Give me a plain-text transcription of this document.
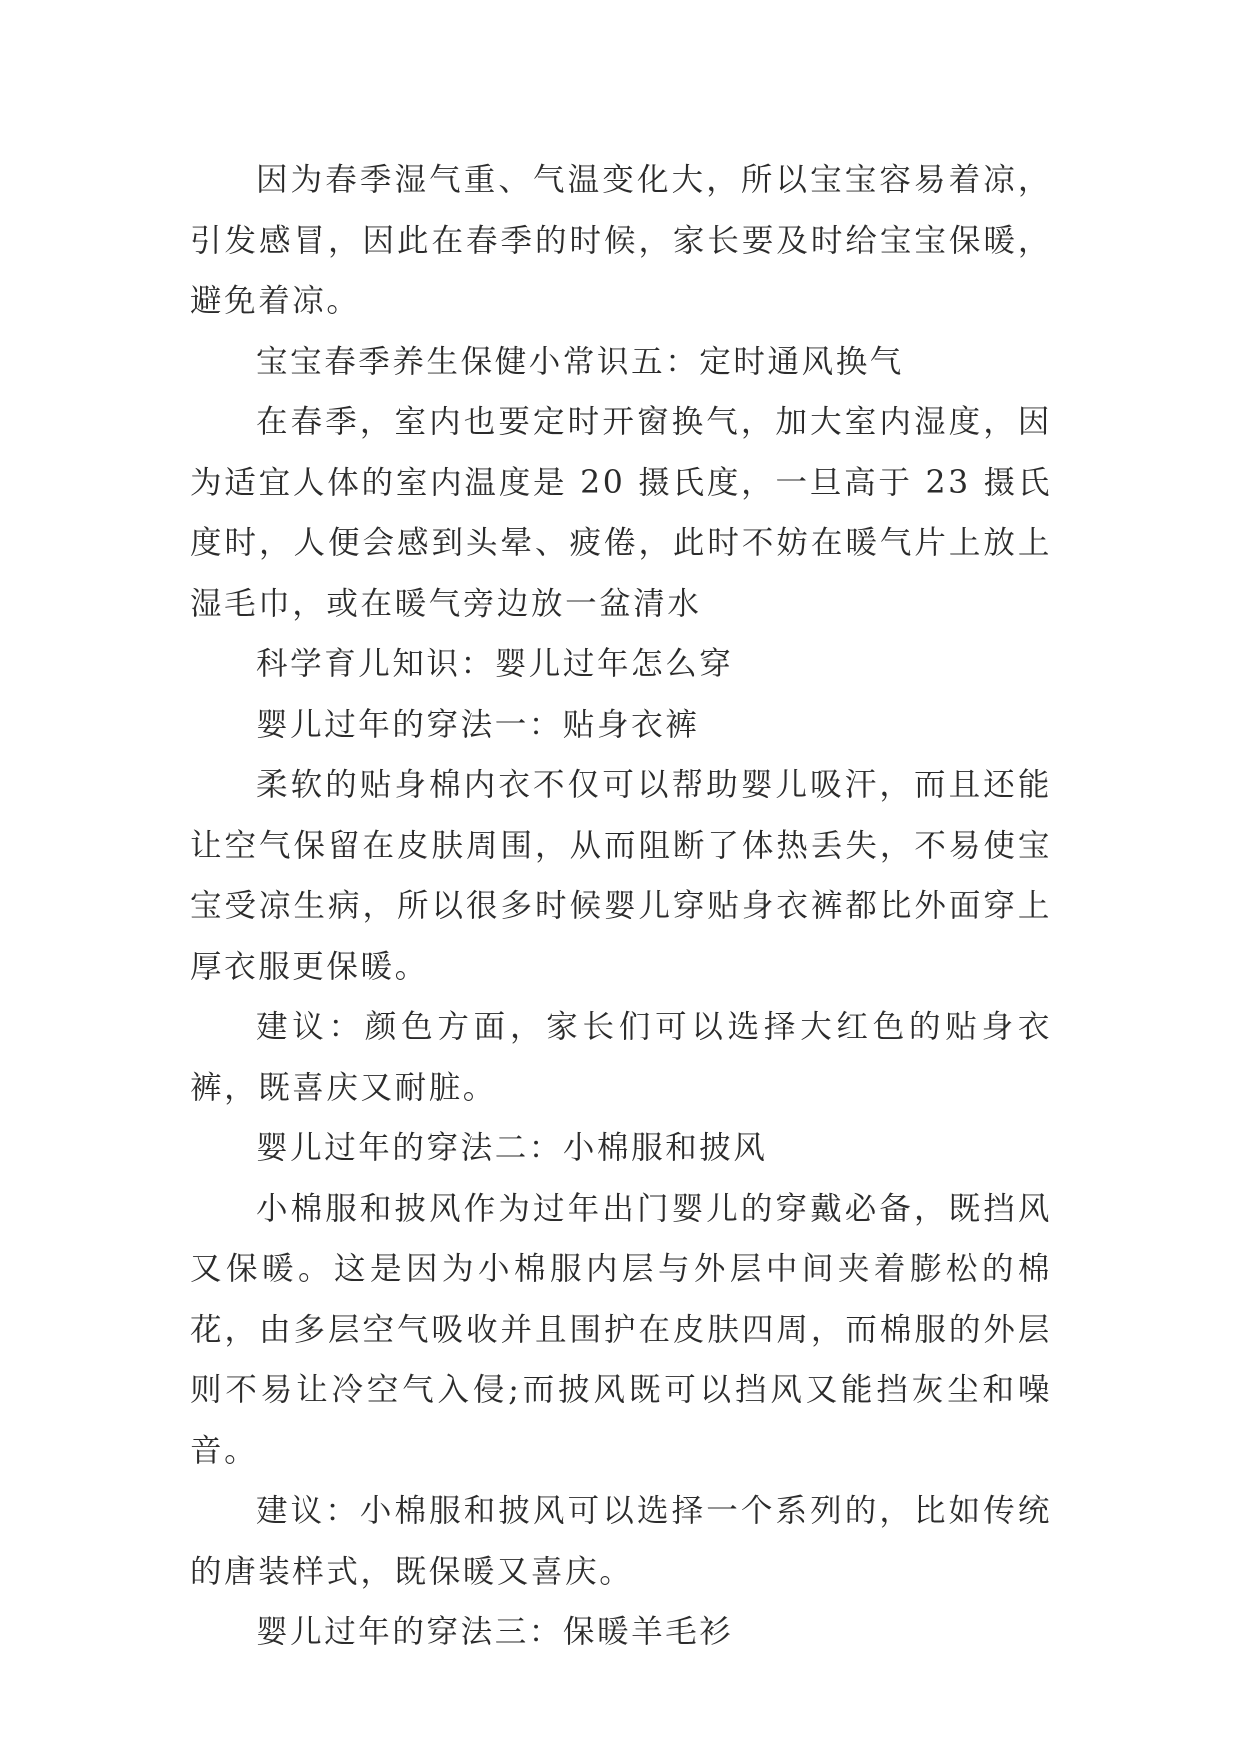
因为春季湿气重、气温变化大，所以宝宝容易着凉，引发感冒，因此在春季的时候，家长要及时给宝宝保暖，避免着凉。

宝宝春季养生保健小常识五：定时通风换气

在春季，室内也要定时开窗换气，加大室内湿度，因为适宜人体的室内温度是 20 摄氏度，一旦高于 23 摄氏度时，人便会感到头晕、疲倦，此时不妨在暖气片上放上湿毛巾，或在暖气旁边放一盆清水

科学育儿知识：婴儿过年怎么穿

婴儿过年的穿法一：贴身衣裤

柔软的贴身棉内衣不仅可以帮助婴儿吸汗，而且还能让空气保留在皮肤周围，从而阻断了体热丢失，不易使宝宝受凉生病，所以很多时候婴儿穿贴身衣裤都比外面穿上厚衣服更保暖。

建议：颜色方面，家长们可以选择大红色的贴身衣裤，既喜庆又耐脏。

婴儿过年的穿法二：小棉服和披风

小棉服和披风作为过年出门婴儿的穿戴必备，既挡风又保暖。这是因为小棉服内层与外层中间夹着膨松的棉花，由多层空气吸收并且围护在皮肤四周，而棉服的外层则不易让冷空气入侵;而披风既可以挡风又能挡灰尘和噪音。

建议：小棉服和披风可以选择一个系列的，比如传统的唐装样式，既保暖又喜庆。

婴儿过年的穿法三：保暖羊毛衫
